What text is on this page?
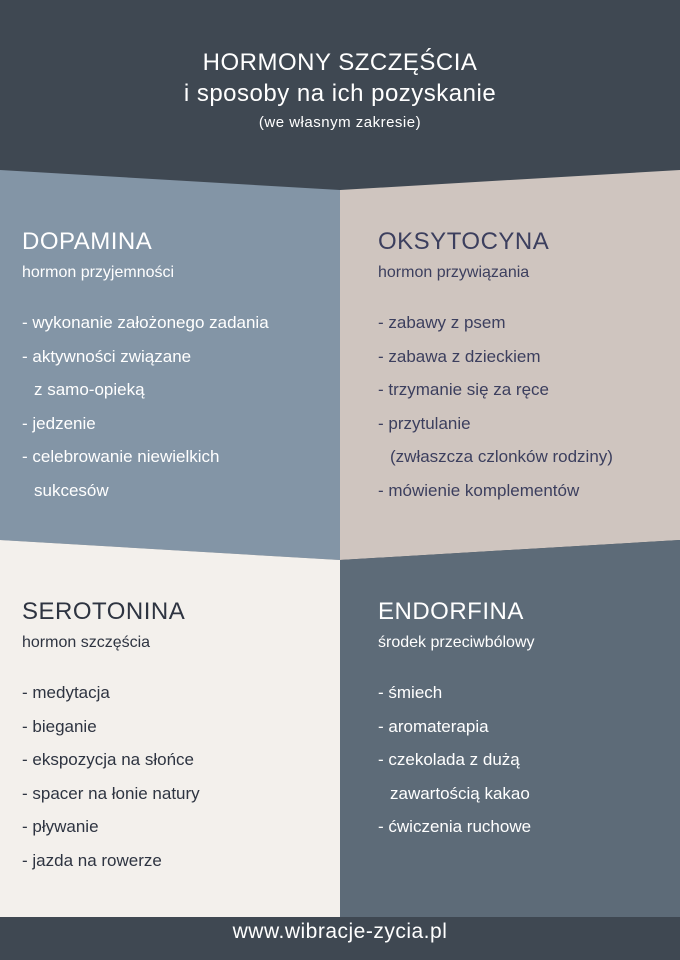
HORMONY SZCZĘŚCIA
i sposoby na ich pozyskanie
(we własnym zakresie)
DOPAMINA
hormon przyjemności
- wykonanie założonego zadania
- aktywności związane
z samo-opieką
- jedzenie
- celebrowanie niewielkich
sukcesów
OKSYTOCYNA
hormon przywiązania
- zabawy z psem
- zabawa z dzieckiem
- trzymanie się za ręce
- przytulanie
(zwłaszcza czlonków rodziny)
- mówienie komplementów
SEROTONINA
hormon szczęścia
- medytacja
- bieganie
- ekspozycja na słońce
- spacer na łonie natury
- pływanie
- jazda na rowerze
ENDORFINA
środek przeciwbólowy
- śmiech
- aromaterapia
- czekolada z dużą
zawartością kakao
- ćwiczenia ruchowe
www.wibracje-zycia.pl
